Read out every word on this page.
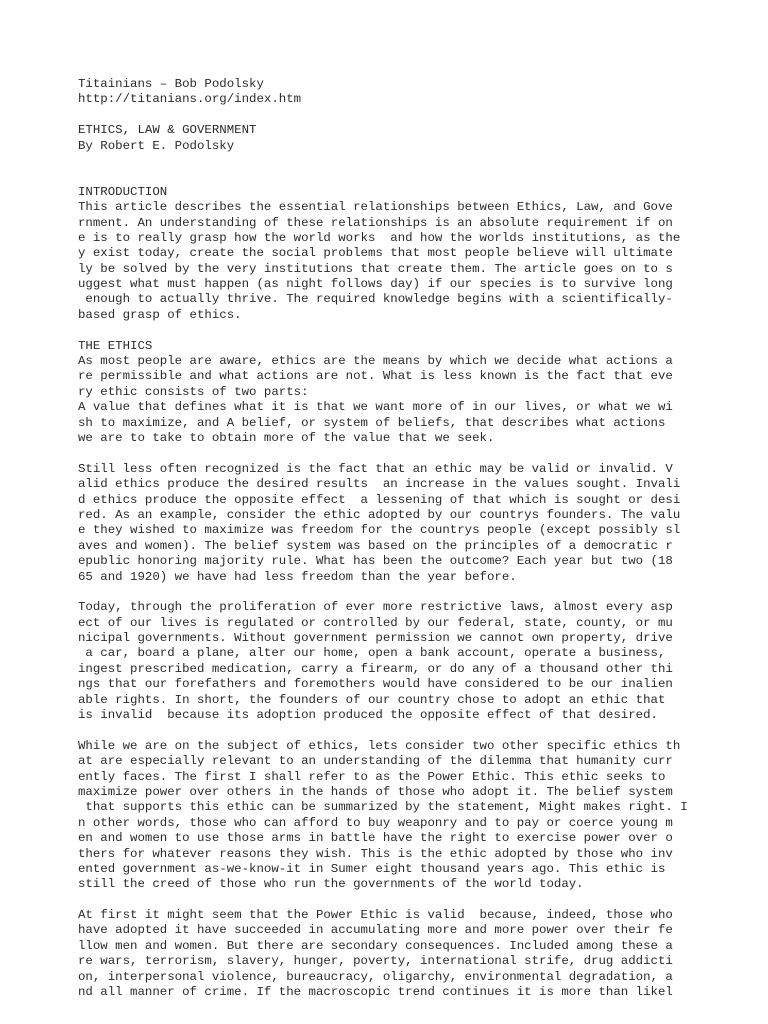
Titainians – Bob Podolsky
http://titanians.org/index.htm
ETHICS, LAW & GOVERNMENT
By Robert E. Podolsky
INTRODUCTION
This article describes the essential relationships between Ethics, Law, and Gove
rnment. An understanding of these relationships is an absolute requirement if on
e is to really grasp how the world works  and how the worlds institutions, as the
y exist today, create the social problems that most people believe will ultimate
ly be solved by the very institutions that create them. The article goes on to s
uggest what must happen (as night follows day) if our species is to survive long
enough to actually thrive. The required knowledge begins with a scientifically-
based grasp of ethics.
THE ETHICS
As most people are aware, ethics are the means by which we decide what actions a
re permissible and what actions are not. What is less known is the fact that eve
ry ethic consists of two parts:
A value that defines what it is that we want more of in our lives, or what we wi
sh to maximize, and A belief, or system of beliefs, that describes what actions
we are to take to obtain more of the value that we seek.
Still less often recognized is the fact that an ethic may be valid or invalid. V
alid ethics produce the desired results  an increase in the values sought. Invali
d ethics produce the opposite effect  a lessening of that which is sought or desi
red. As an example, consider the ethic adopted by our countrys founders. The valu
e they wished to maximize was freedom for the countrys people (except possibly sl
aves and women). The belief system was based on the principles of a democratic r
epublic honoring majority rule. What has been the outcome? Each year but two (18
65 and 1920) we have had less freedom than the year before.
Today, through the proliferation of ever more restrictive laws, almost every asp
ect of our lives is regulated or controlled by our federal, state, county, or mu
nicipal governments. Without government permission we cannot own property, drive
a car, board a plane, alter our home, open a bank account, operate a business,
ingest prescribed medication, carry a firearm, or do any of a thousand other thi
ngs that our forefathers and foremothers would have considered to be our inalien
able rights. In short, the founders of our country chose to adopt an ethic that
is invalid  because its adoption produced the opposite effect of that desired.
While we are on the subject of ethics, lets consider two other specific ethics th
at are especially relevant to an understanding of the dilemma that humanity curr
ently faces. The first I shall refer to as the Power Ethic. This ethic seeks to
maximize power over others in the hands of those who adopt it. The belief system
that supports this ethic can be summarized by the statement, Might makes right. I
n other words, those who can afford to buy weaponry and to pay or coerce young m
en and women to use those arms in battle have the right to exercise power over o
thers for whatever reasons they wish. This is the ethic adopted by those who inv
ented government as-we-know-it in Sumer eight thousand years ago. This ethic is
still the creed of those who run the governments of the world today.
At first it might seem that the Power Ethic is valid  because, indeed, those who
have adopted it have succeeded in accumulating more and more power over their fe
llow men and women. But there are secondary consequences. Included among these a
re wars, terrorism, slavery, hunger, poverty, international strife, drug addicti
on, interpersonal violence, bureaucracy, oligarchy, environmental degradation, a
nd all manner of crime. If the macroscopic trend continues it is more than likel
